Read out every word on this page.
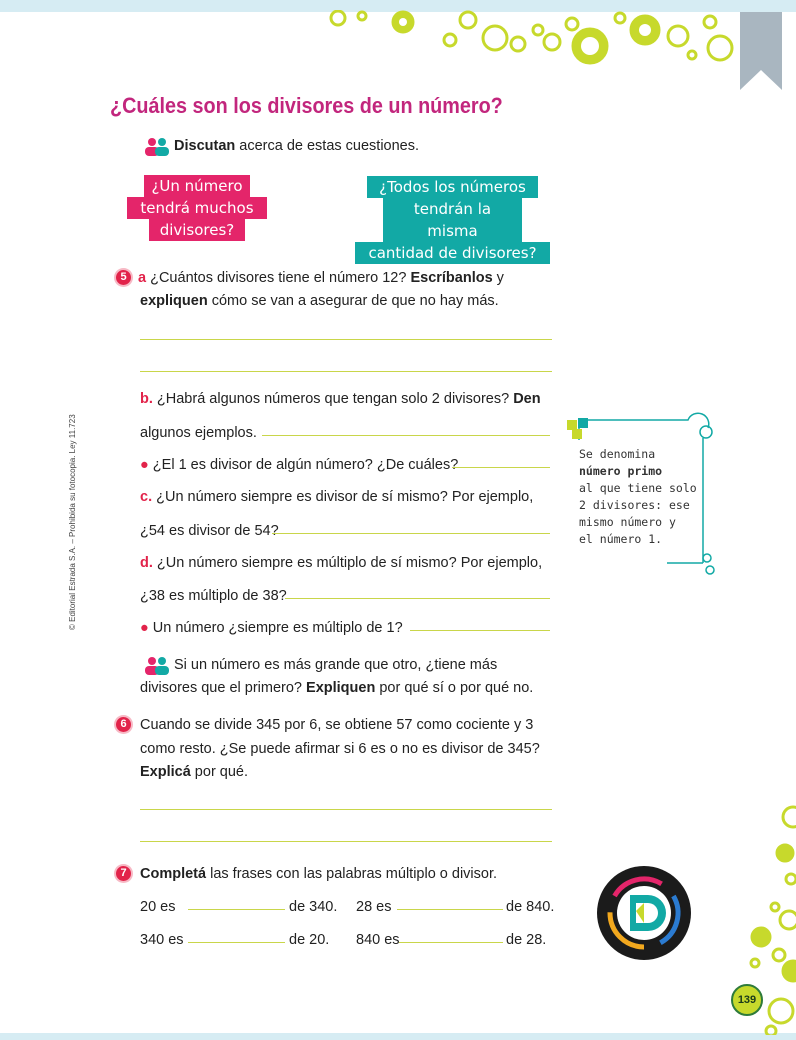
¿Cuáles son los divisores de un número?
Discutan acerca de estas cuestiones.
¿Un número
tendrá muchos
divisores?
¿Todos los números
tendrán la misma
cantidad de divisores?
5 a ¿Cuántos divisores tiene el número 12? Escríbanlos y
expliquen cómo se van a asegurar de que no hay más.
b. ¿Habrá algunos números que tengan solo 2 divisores? Den
algunos ejemplos.
● ¿El 1 es divisor de algún número? ¿De cuáles?
c. ¿Un número siempre es divisor de sí mismo? Por ejemplo,
¿54 es divisor de 54?
d. ¿Un número siempre es múltiplo de sí mismo? Por ejemplo,
¿38 es múltiplo de 38?
● Un número ¿siempre es múltiplo de 1?
Si un número es más grande que otro, ¿tiene más
divisores que el primero? Expliquen por qué sí o por qué no.
Se denomina
número primo
al que tiene solo
2 divisores: ese
mismo número y
el número 1.
6 Cuando se divide 345 por 6, se obtiene 57 como cociente y 3
como resto. ¿Se puede afirmar si 6 es o no es divisor de 345?
Explicá por qué.
7 Completá las frases con las palabras múltiplo o divisor.
20 es	de 340. 28 es	de 840.
340 es	de 20. 840 es	de 28.
© Editorial Estrada S.A. – Prohibida su fotocopia. Ley 11.723
139
